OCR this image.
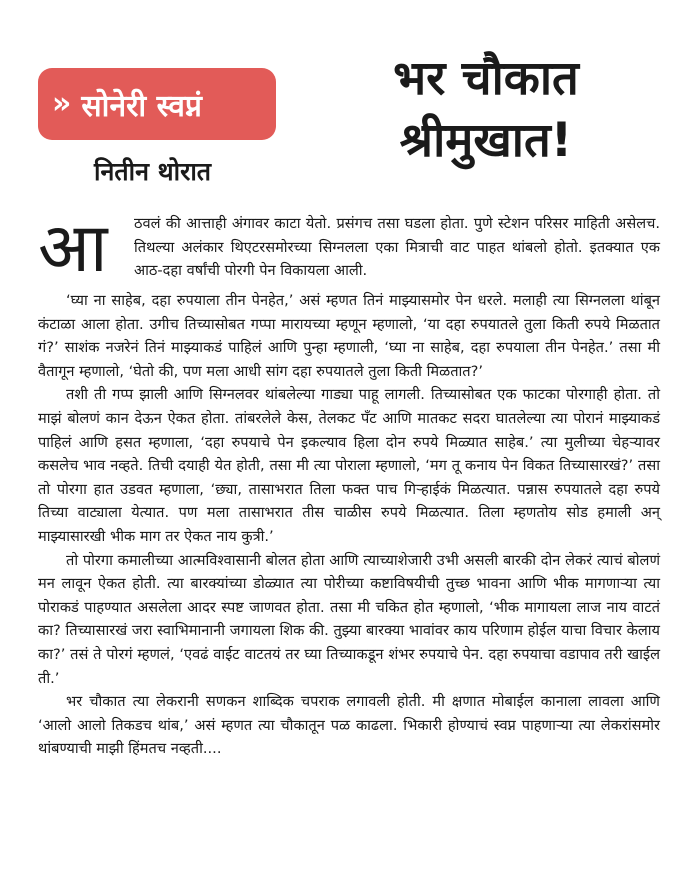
» सोनेरी स्वप्नं
नितीन थोरात
भर चौकात
श्रीमुखात!
आ	ठवलं की आत्ताही अंगावर काटा येतो. प्रसंगच तसा घडला होता. पुणे स्टेशन परिसर माहिती असेलच. तिथल्या अलंकार थिएटरसमोरच्या सिग्नलला एका मित्राची वाट पाहत थांबलो होतो. इतक्यात एक आठ-दहा वर्षांची पोरगी पेन विकायला आली.

‘घ्या ना साहेब, दहा रुपयाला तीन पेनहेत,’ असं म्हणत तिनं माझ्यासमोर पेन धरले. मलाही त्या सिग्नलला थांबून कंटाळा आला होता. उगीच तिच्यासोबत गप्पा मारायच्या म्हणून म्हणालो, ‘या दहा रुपयातले तुला किती रुपये मिळतात गं?’ साशंक नजरेनं तिनं माझ्याकडं पाहिलं आणि पुन्हा म्हणाली, ‘घ्या ना साहेब, दहा रुपयाला तीन पेनहेत.’ तसा मी वैतागून म्हणालो, ‘घेतो की, पण मला आधी सांग दहा रुपयातले तुला किती मिळतात?’

तशी ती गप्प झाली आणि सिग्नलवर थांबलेल्या गाड्या पाहू लागली. तिच्यासोबत एक फाटका पोरगाही होता. तो माझं बोलणं कान देऊन ऐकत होता. तांबरलेले केस, तेलकट पँट आणि मातकट सदरा घातलेल्या त्या पोरानं माझ्याकडं पाहिलं आणि हसत म्हणाला, ‘दहा रुपयाचे पेन इकल्याव हिला दोन रुपये मिळ्यात साहेब.’ त्या मुलीच्या चेहऱ्यावर कसलेच भाव नव्हते. तिची दयाही येत होती, तसा मी त्या पोराला म्हणालो, ‘मग तू कनाय पेन विकत तिच्यासारखं?’ तसा तो पोरगा हात उडवत म्हणाला, ‘छ्या, तासाभरात तिला फक्त पाच गिऱ्हाईकं मिळत्यात. पन्नास रुपयातले दहा रुपये तिच्या वाट्याला येत्यात. पण मला तासाभरात तीस चाळीस रुपये मिळत्यात. तिला म्हणतोय सोड हमाली अन् माझ्यासारखी भीक माग तर ऐकत नाय कुत्री.’

तो पोरगा कमालीच्या आत्मविश्वासानी बोलत होता आणि त्याच्याशेजारी उभी असली बारकी दोन लेकरं त्याचं बोलणं मन लावून ऐकत होती. त्या बारक्यांच्या डोळ्यात त्या पोरीच्या कष्टाविषयीची तुच्छ भावना आणि भीक मागणाऱ्या त्या पोराकडं पाहण्यात असलेला आदर स्पष्ट जाणवत होता. तसा मी चकित होत म्हणालो, ‘भीक मागायला लाज नाय वाटतं का? तिच्यासारखं जरा स्वाभिमानानी जगायला शिक की. तुझ्या बारक्या भावांवर काय परिणाम होईल याचा विचार केलाय का?’ तसं ते पोरगं म्हणलं, ‘एवढं वाईट वाटतयं तर घ्या तिच्याकडून शंभर रुपयाचे पेन. दहा रुपयाचा वडापाव तरी खाईल ती.’

भर चौकात त्या लेकरानी सणकन शाब्दिक चपराक लगावली होती. मी क्षणात मोबाईल कानाला लावला आणि ‘आलो आलो तिकडच थांब,’ असं म्हणत त्या चौकातून पळ काढला. भिकारी होण्याचं स्वप्न पाहणाऱ्या त्या लेकरांसमोर थांबण्याची माझी हिंमतच नव्हती....
